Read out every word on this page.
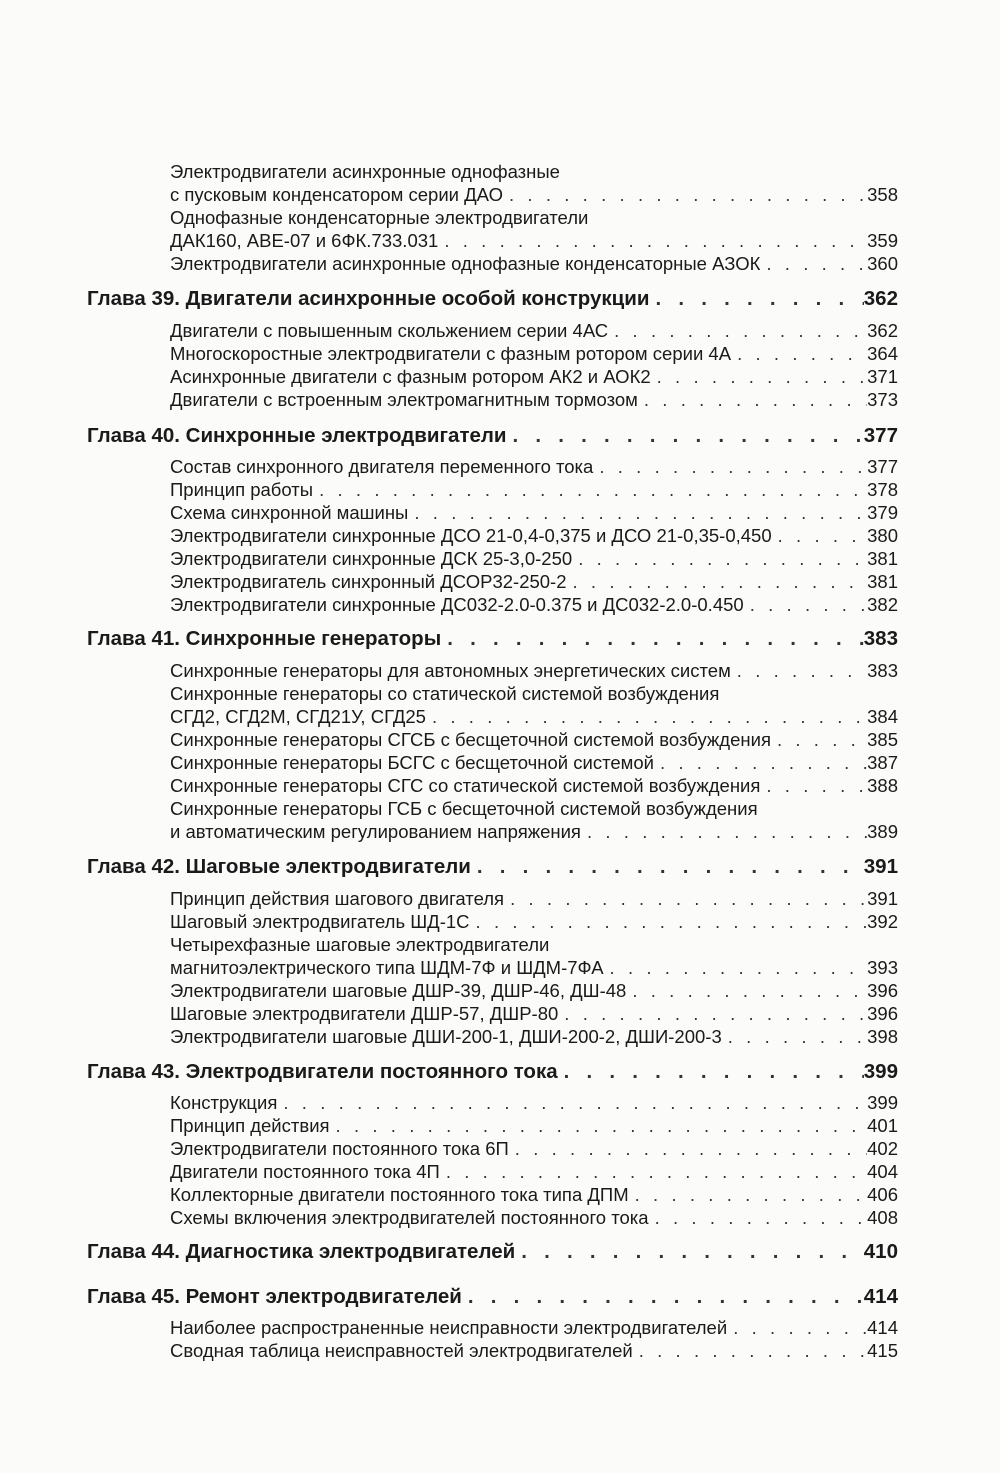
Электродвигатели асинхронные однофазные
с пусковым конденсатором серии ДАО . . .	358
Однофазные конденсаторные электродвигатели
ДАК160, АВЕ-07 и 6ФК.733.031 . . .	359
Электродвигатели асинхронные однофазные конденсаторные АЗОК . . .	360
Глава 39. Двигатели асинхронные особой конструкции . . .	362
Двигатели с повышенным скольжением серии 4АС . . .	362
Многоскоростные электродвигатели с фазным ротором серии 4А . . .	364
Асинхронные двигатели с фазным ротором АК2 и АОК2 . . .	371
Двигатели с встроенным электромагнитным тормозом . . .	373
Глава 40. Синхронные электродвигатели . . .	377
Состав синхронного двигателя переменного тока . . .	377
Принцип работы . . .	378
Схема синхронной машины . . .	379
Электродвигатели синхронные ДСО 21-0,4-0,375 и ДСО 21-0,35-0,450 . . .	380
Электродвигатели синхронные ДСК 25-3,0-250 . . .	381
Электродвигатель синхронный ДСОР32-250-2 . . .	381
Электродвигатели синхронные ДС032-2.0-0.375 и ДС032-2.0-0.450 . . .	382
Глава 41. Синхронные генераторы . . .	383
Синхронные генераторы для автономных энергетических систем . . .	383
Синхронные генераторы со статической системой возбуждения
СГД2, СГД2М, СГД21У, СГД25 . . .	384
Синхронные генераторы СГСБ с бесщеточной системой возбуждения . . .	385
Синхронные генераторы БСГС с бесщеточной системой . . .	387
Синхронные генераторы СГС со статической системой возбуждения . . .	388
Синхронные генераторы ГСБ с бесщеточной системой возбуждения
и автоматическим регулированием напряжения . . .	389
Глава 42. Шаговые электродвигатели . . .	391
Принцип действия шагового двигателя . . .	391
Шаговый электродвигатель ШД-1С . . .	392
Четырехфазные шаговые электродвигатели
магнитоэлектрического типа ШДМ-7Ф и ШДМ-7ФА . . .	393
Электродвигатели шаговые ДШР-39, ДШР-46, ДШ-48 . . .	396
Шаговые электродвигатели ДШР-57, ДШР-80 . . .	396
Электродвигатели шаговые ДШИ-200-1, ДШИ-200-2, ДШИ-200-3 . . .	398
Глава 43. Электродвигатели постоянного тока . . .	399
Конструкция . . .	399
Принцип действия . . .	401
Электродвигатели постоянного тока 6П . . .	402
Двигатели постоянного тока 4П . . .	404
Коллекторные двигатели постоянного тока типа ДПМ . . .	406
Схемы включения электродвигателей постоянного тока . . .	408
Глава 44. Диагностика электродвигателей . . .	410
Глава 45. Ремонт электродвигателей . . .	414
Наиболее распространенные неисправности электродвигателей . . .	414
Сводная таблица неисправностей электродвигателей . . .	415
